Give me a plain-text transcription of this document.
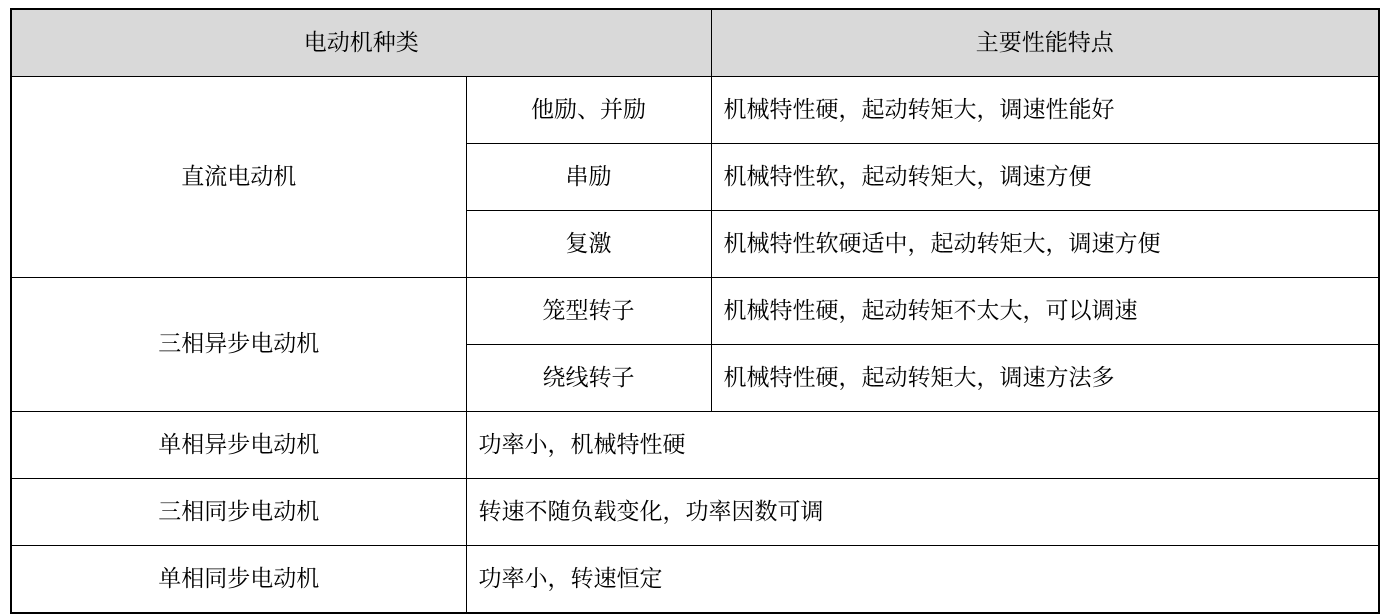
电动机种类		主要性能特点
直流电动机	他励、并励	机械特性硬，起动转矩大，调速性能好
	串励	机械特性软，起动转矩大，调速方便
	复激	机械特性软硬适中，起动转矩大，调速方便
三相异步电动机	笼型转子	机械特性硬，起动转矩不太大，可以调速
	绕线转子	机械特性硬，起动转矩大，调速方法多
单相异步电动机	功率小，机械特性硬	
三相同步电动机	转速不随负载变化，功率因数可调	
单相同步电动机	功率小，转速恒定	
